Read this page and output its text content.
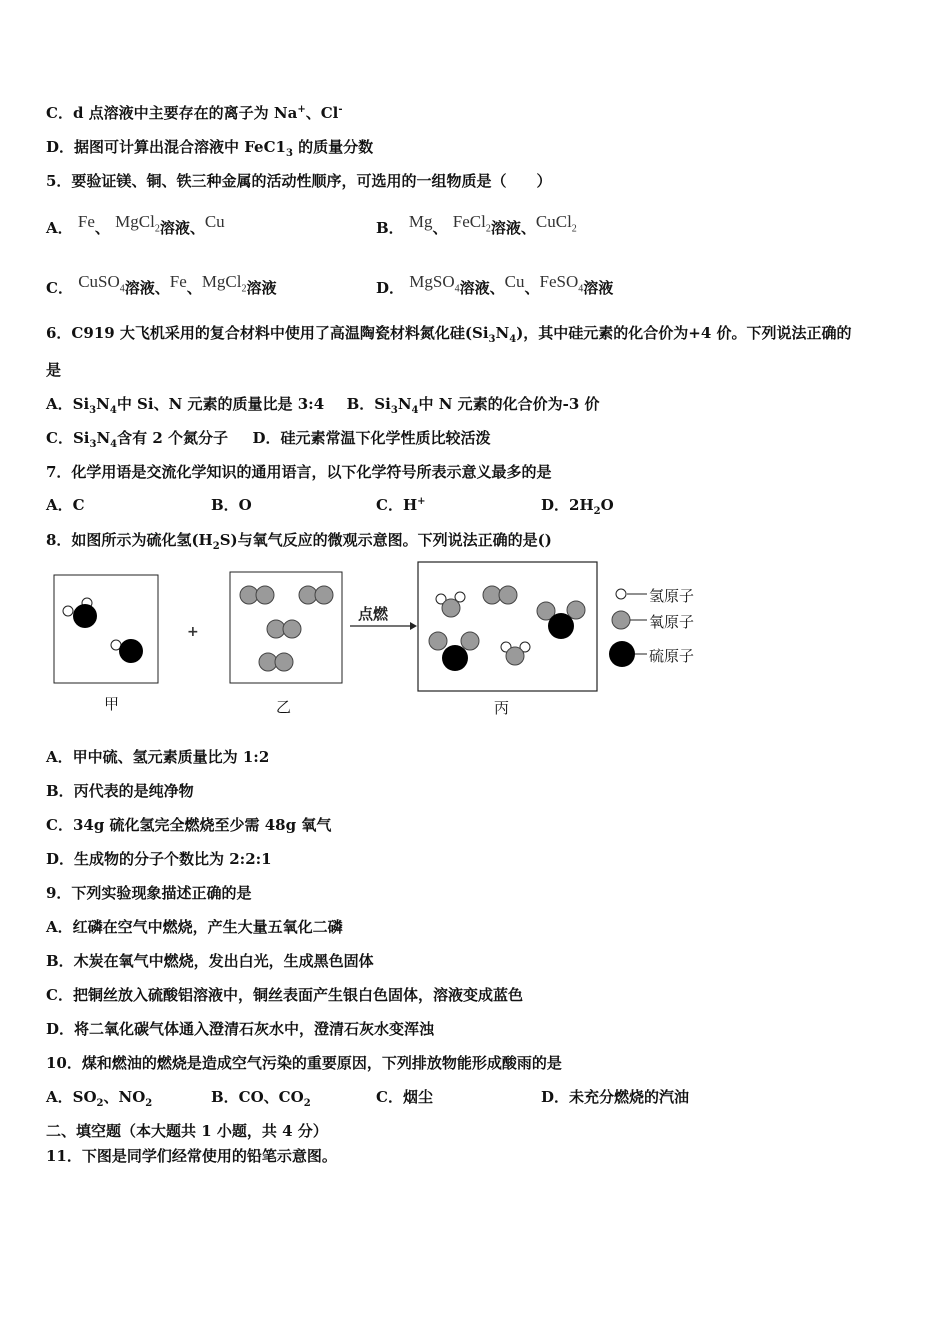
C．d 点溶液中主要存在的离子为 Na+、Cl-
D．据图可计算出混合溶液中 $FeC1_3$ 的质量分数
5．要验证镁、铜、铁三种金属的活动性顺序，可选用的一组物质是（　　）
A． Fe、 MgCl$_2$溶液、Cu	B． Mg、 FeCl$_2$溶液、CuCl$_2$
C． CuSO$_4$溶液、Fe、MgCl$_2$溶液	D． MgSO$_4$溶液、Cu、FeSO$_4$溶液
6．C919 大飞机采用的复合材料中使用了高温陶瓷材料氮化硅$(Si_3N_4)$，其中硅元素的化合价为+4 价。下列说法正确的
是
A．$Si_3N_4$中 Si、N 元素的质量比是 3:4 B．$Si_3N_4$中 N 元素的化合价为-3 价
C．$Si_3N_4$含有 2 个氮分子 D．硅元素常温下化学性质比较活泼
7．化学用语是交流化学知识的通用语言，以下化学符号所表示意义最多的是
A．C	B．O	C．H+	D．$2H_2O$
8．如图所示为硫化氢$(H_2S)$与氧气反应的微观示意图。下列说法正确的是()
+
点燃
氢原子
氧原子
硫原子
甲	乙	丙
A．甲中硫、氢元素质量比为 1:2
B．丙代表的是纯净物
C．34g 硫化氢完全燃烧至少需 48g 氧气
D．生成物的分子个数比为 2:2:1
9．下列实验现象描述正确的是
A．红磷在空气中燃烧，产生大量五氧化二磷
B．木炭在氧气中燃烧，发出白光，生成黑色固体
C．把铜丝放入硫酸铝溶液中，铜丝表面产生银白色固体，溶液变成蓝色
D．将二氧化碳气体通入澄清石灰水中，澄清石灰水变浑浊
10．煤和燃油的燃烧是造成空气污染的重要原因，下列排放物能形成酸雨的是
A．$SO_2$、$NO_2$	B．CO、$CO_2$	C．烟尘	D．未充分燃烧的汽油
二、填空题（本大题共 1 小题，共 4 分）
11．下图是同学们经常使用的铅笔示意图。
